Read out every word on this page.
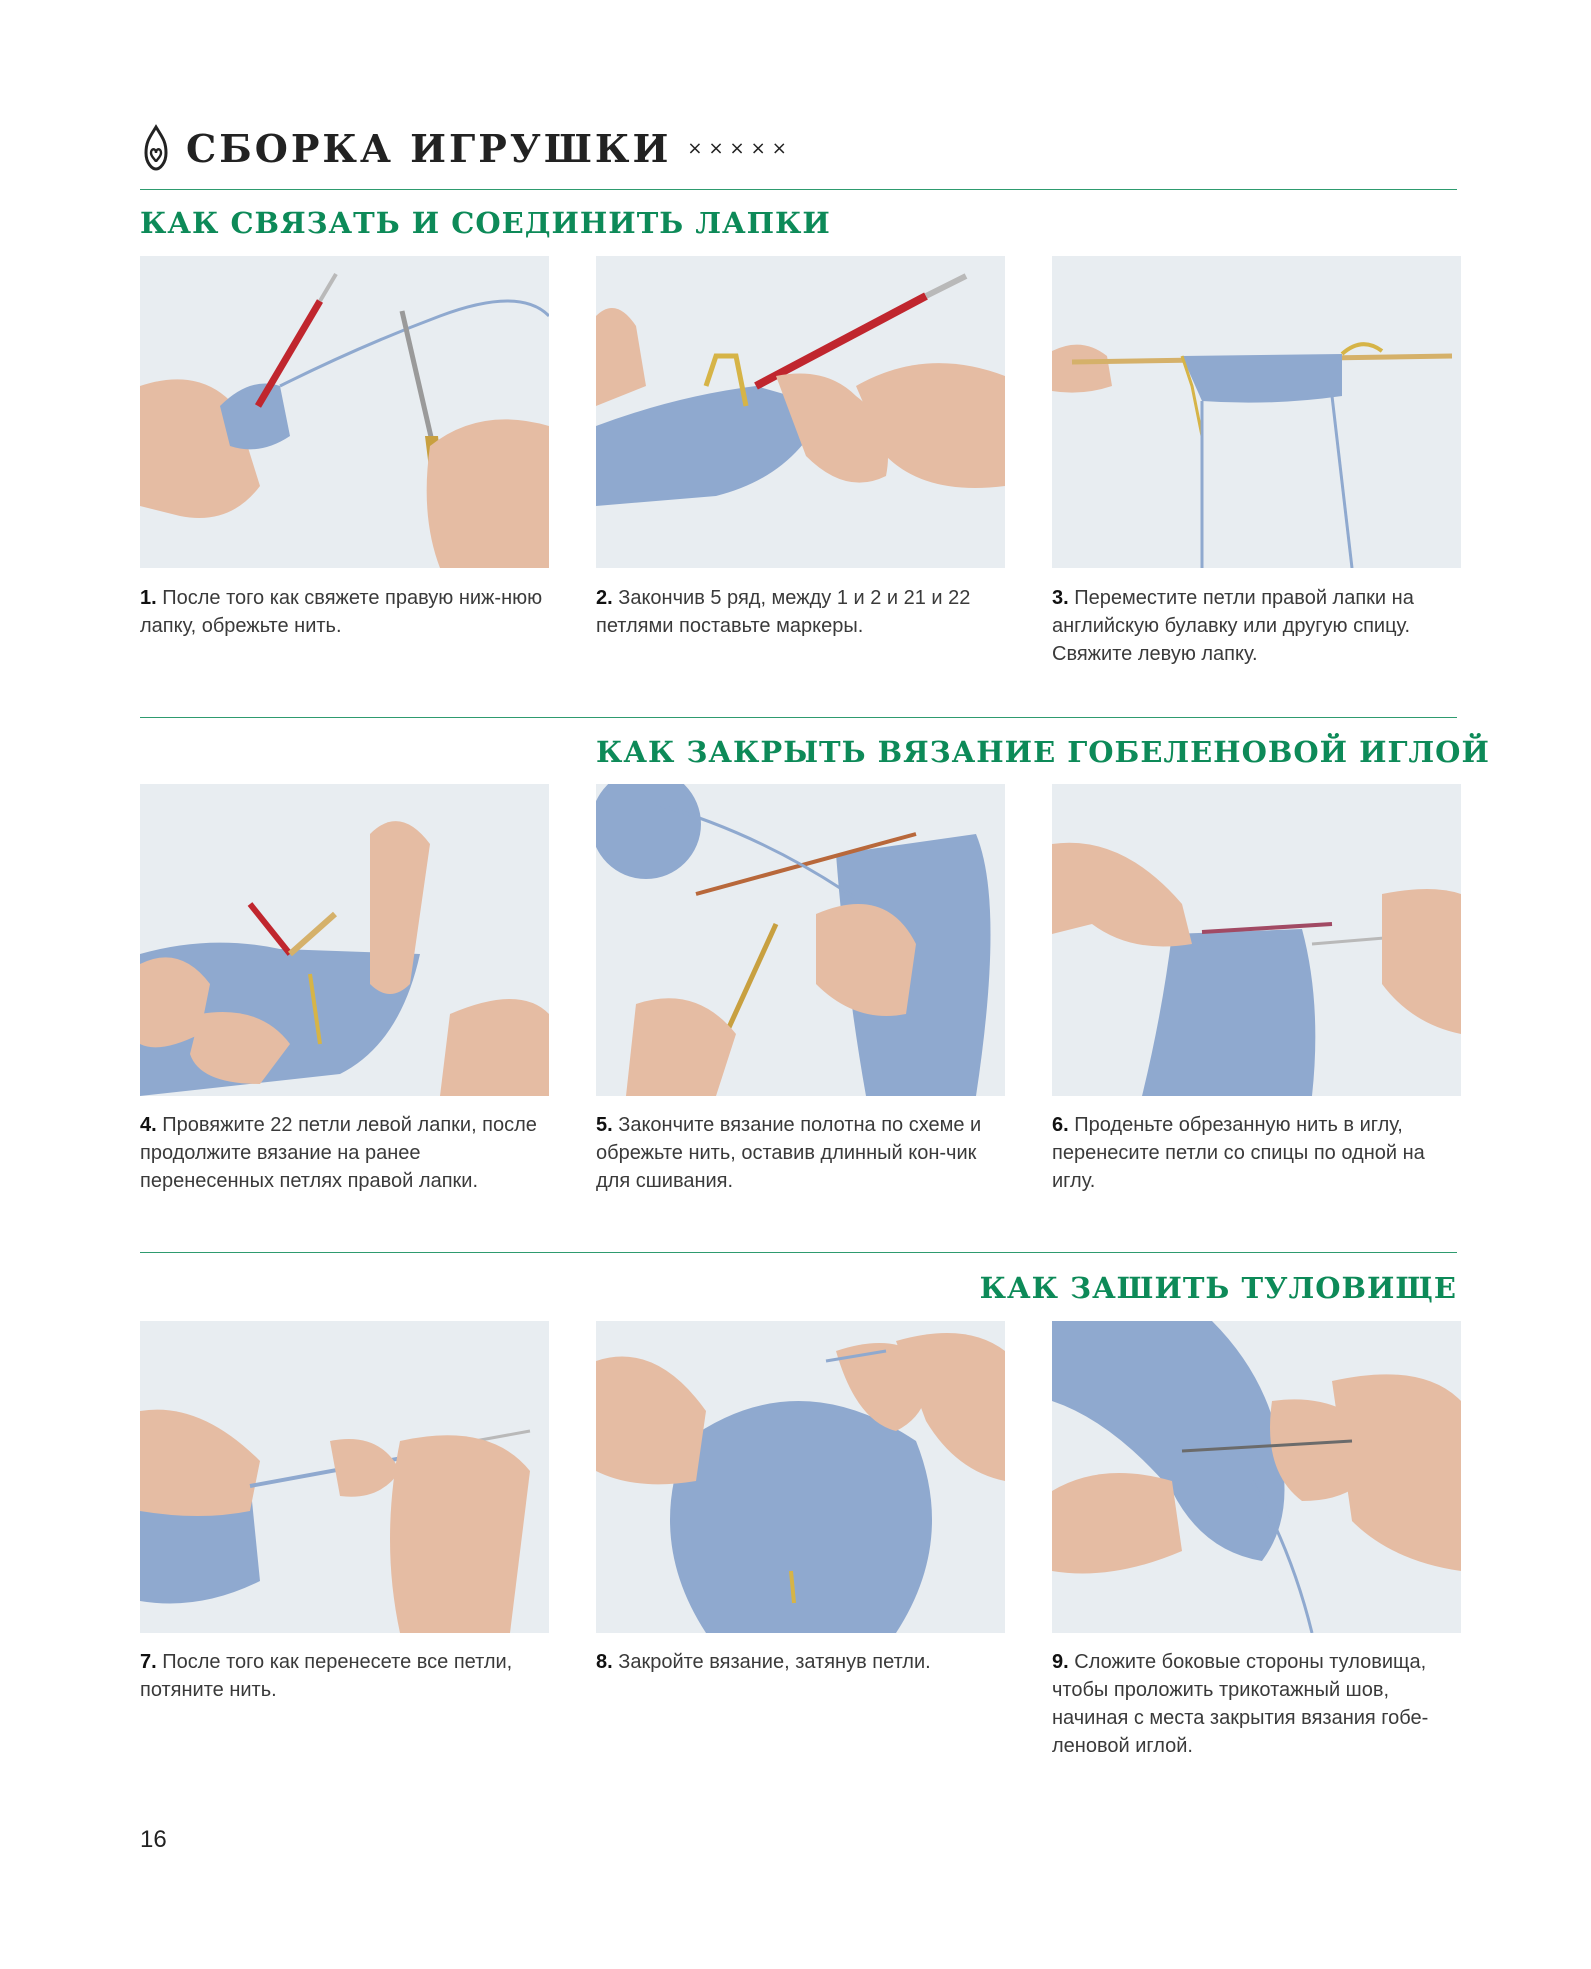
СБОРКА ИГРУШКИ ×××××
КАК СВЯЗАТЬ И СОЕДИНИТЬ ЛАПКИ
1. После того как свяжете правую ниж-нюю лапку, обрежьте нить.
2. Закончив 5 ряд, между 1 и 2 и 21 и 22 петлями поставьте маркеры.
3. Переместите петли правой лапки на английскую булавку или другую спицу. Свяжите левую лапку.
КАК ЗАКРЫТЬ ВЯЗАНИЕ ГОБЕЛЕНОВОЙ ИГЛОЙ
4. Провяжите 22 петли левой лапки, после продолжите вязание на ранее перенесенных петлях правой лапки.
5. Закончите вязание полотна по схеме и обрежьте нить, оставив длинный кон-чик для сшивания.
6. Проденьте обрезанную нить в иглу, перенесите петли со спицы по одной на иглу.
КАК ЗАШИТЬ ТУЛОВИЩЕ
7. После того как перенесете все петли, потяните нить.
8. Закройте вязание, затянув петли.	9. Сложите боковые стороны туловища, чтобы проложить трикотажный шов, начиная с места закрытия вязания гобе-леновой иглой.
16
